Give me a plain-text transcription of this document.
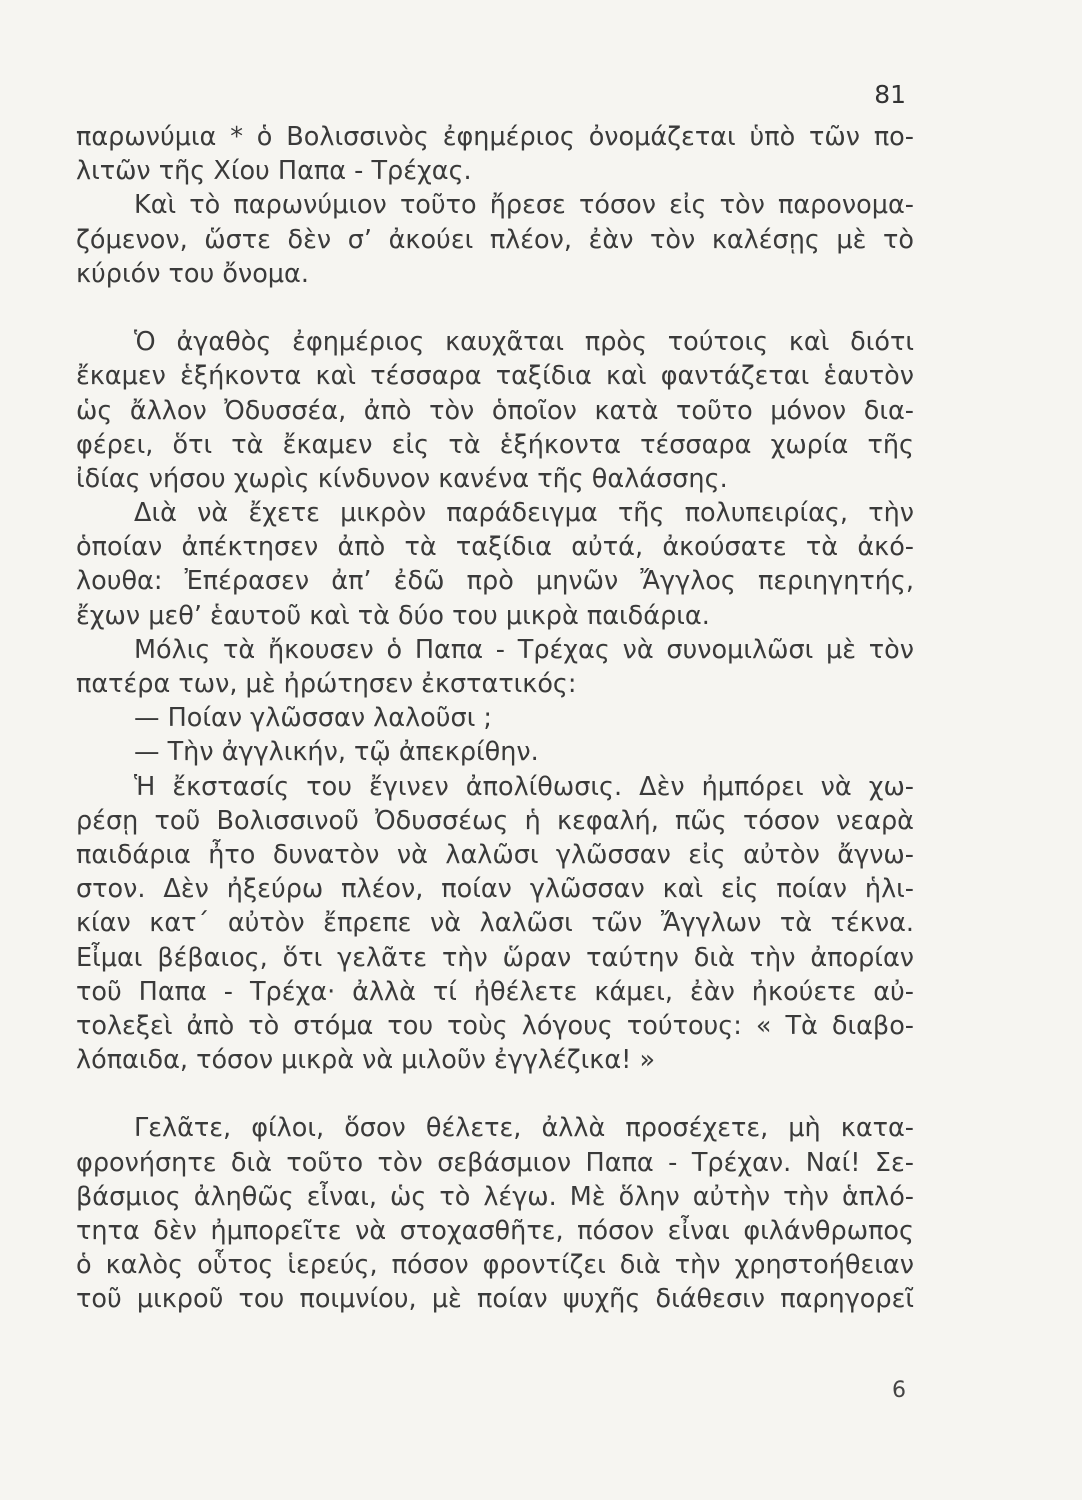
81
παρωνύμια * ὁ Βολισσινὸς ἐφημέριος ὀνομάζεται ὑπὸ τῶν πο-
λιτῶν τῆς Χίου Παπα - Τρέχας.
Καὶ τὸ παρωνύμιον τοῦτο ἤρεσε τόσον εἰς τὸν παρονομα-
ζόμενον, ὥστε δὲν σ’ ἀκούει πλέον, ἐὰν τὸν καλέσῃς μὲ τὸ
κύριόν του ὄνομα.
Ὁ ἀγαθὸς ἐφημέριος καυχᾶται πρὸς τούτοις καὶ διότι
ἔκαμεν ἑξήκοντα καὶ τέσσαρα ταξίδια καὶ φαντάζεται ἑαυτὸν
ὡς ἄλλον Ὀδυσσέα, ἀπὸ τὸν ὁποῖον κατὰ τοῦτο μόνον δια-
φέρει, ὅτι τὰ ἔκαμεν εἰς τὰ ἑξήκοντα τέσσαρα χωρία τῆς
ἰδίας νήσου χωρὶς κίνδυνον κανένα τῆς θαλάσσης.
Διὰ νὰ ἔχετε μικρὸν παράδειγμα τῆς πολυπειρίας, τὴν
ὁποίαν ἀπέκτησεν ἀπὸ τὰ ταξίδια αὐτά, ἀκούσατε τὰ ἀκό-
λουθα: Ἐπέρασεν ἀπ’ ἐδῶ πρὸ μηνῶν Ἄγγλος περιηγητής,
ἔχων μεθ’ ἑαυτοῦ καὶ τὰ δύο του μικρὰ παιδάρια.
Μόλις τὰ ἤκουσεν ὁ Παπα - Τρέχας νὰ συνομιλῶσι μὲ τὸν
πατέρα των, μὲ ἠρώτησεν ἐκστατικός:
— Ποίαν γλῶσσαν λαλοῦσι ;
— Τὴν ἀγγλικήν, τῷ ἀπεκρίθην.
Ἡ ἔκστασίς του ἔγινεν ἀπολίθωσις. Δὲν ἠμπόρει νὰ χω-
ρέσῃ τοῦ Βολισσινοῦ Ὀδυσσέως ἡ κεφαλή, πῶς τόσον νεαρὰ
παιδάρια ἦτο δυνατὸν νὰ λαλῶσι γλῶσσαν εἰς αὐτὸν ἄγνω-
στον. Δὲν ἠξεύρω πλέον, ποίαν γλῶσσαν καὶ εἰς ποίαν ἡλι-
κίαν κατ΄ αὐτὸν ἔπρεπε νὰ λαλῶσι τῶν Ἄγγλων τὰ τέκνα.
Εἶμαι βέβαιος, ὅτι γελᾶτε τὴν ὥραν ταύτην διὰ τὴν ἀπορίαν
τοῦ Παπα - Τρέχα· ἀλλὰ τί ἠθέλετε κάμει, ἐὰν ἠκούετε αὐ-
τολεξεὶ ἀπὸ τὸ στόμα του τοὺς λόγους τούτους: « Τὰ διαβο-
λόπαιδα, τόσον μικρὰ νὰ μιλοῦν ἐγγλέζικα! »
Γελᾶτε, φίλοι, ὅσον θέλετε, ἀλλὰ προσέχετε, μὴ κατα-
φρονήσητε διὰ τοῦτο τὸν σεβάσμιον Παπα - Τρέχαν. Ναί! Σε-
βάσμιος ἀληθῶς εἶναι, ὡς τὸ λέγω. Μὲ ὅλην αὐτὴν τὴν ἁπλό-
τητα δὲν ἠμπορεῖτε νὰ στοχασθῆτε, πόσον εἶναι φιλάνθρωπος
ὁ καλὸς οὗτος ἱερεύς, πόσον φροντίζει διὰ τὴν χρηστοήθειαν
τοῦ μικροῦ του ποιμνίου, μὲ ποίαν ψυχῆς διάθεσιν παρηγορεῖ
6
